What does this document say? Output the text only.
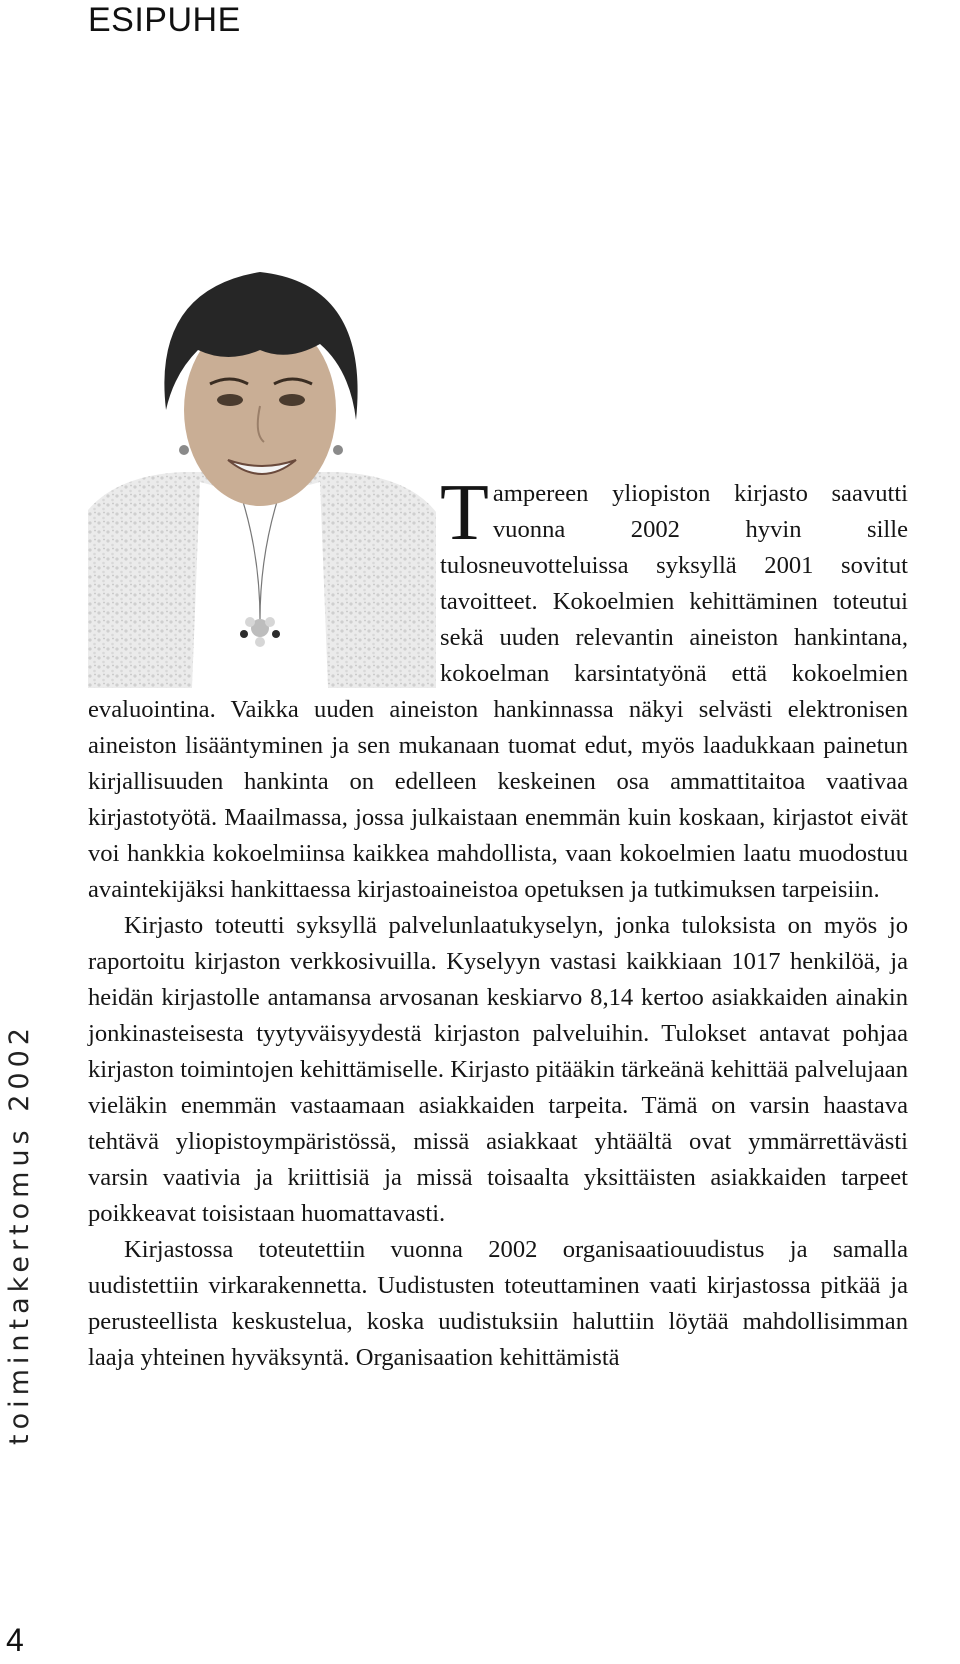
ESIPUHE
toimintakertomus 2002
4

Tampereen yliopiston kirjasto saavutti vuonna 2002 hyvin sille tulosneuvotteluissa syksyllä 2001 sovitut tavoitteet. Kokoelmien kehittäminen toteutui sekä uuden relevantin aineiston hankintana, kokoelman karsintatyönä että kokoelmien evaluointina. Vaikka uuden aineiston hankinnassa näkyi selvästi elektronisen aineiston lisääntyminen ja sen mukanaan tuomat edut, myös laadukkaan painetun kirjallisuuden hankinta on edelleen keskeinen osa ammattitaitoa vaativaa kirjastotyötä. Maailmassa, jossa julkaistaan enemmän kuin koskaan, kirjastot eivät voi hankkia kokoelmiinsa kaikkea mahdollista, vaan kokoelmien laatu muodostuu avaintekijäksi hankittaessa kirjastoaineistoa opetuksen ja tutkimuksen tarpeisiin.

Kirjasto toteutti syksyllä palvelunlaatukyselyn, jonka tuloksista on myös jo raportoitu kirjaston verkkosivuilla. Kyselyyn vastasi kaikkiaan 1017 henkilöä, ja heidän kirjastolle antamansa arvosanan keskiarvo 8,14 kertoo asiakkaiden ainakin jonkinasteisesta tyytyväisyydestä kirjaston palveluihin. Tulokset antavat pohjaa kirjaston toimintojen kehittämiselle. Kirjasto pitääkin tärkeänä kehittää palvelujaan vieläkin enemmän vastaamaan asiakkaiden tarpeita. Tämä on varsin haastava tehtävä yliopistoympäristössä, missä asiakkaat yhtäältä ovat ymmärrettävästi varsin vaativia ja kriittisiä ja missä toisaalta yksittäisten asiakkaiden tarpeet poikkeavat toisistaan huomattavasti.

Kirjastossa toteutettiin vuonna 2002 organisaatiouudistus ja samalla uudistettiin virkarakennetta. Uudistusten toteuttaminen vaati kirjastossa pitkää ja perusteellista keskustelua, koska uudistuksiin haluttiin löytää mahdollisimman laaja yhteinen hyväksyntä. Organisaation kehittämistä
